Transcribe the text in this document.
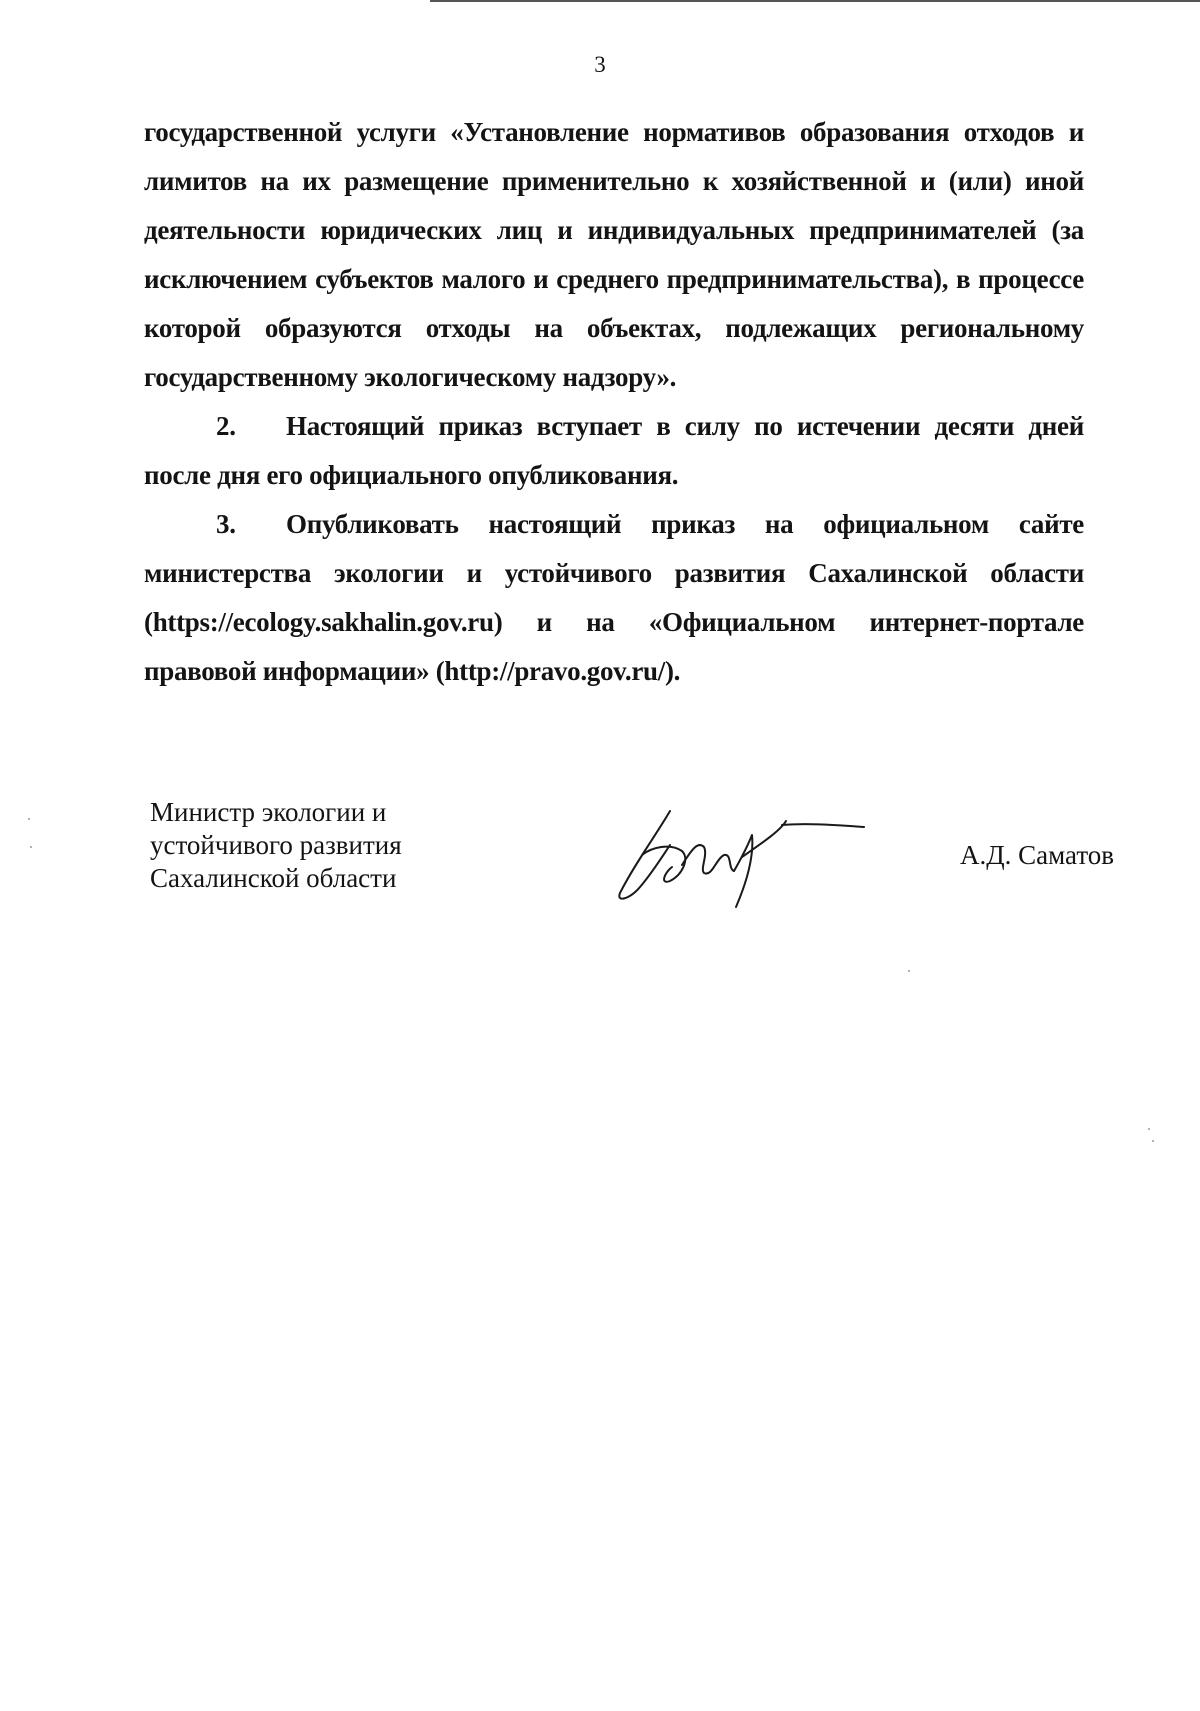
3

государственной услуги «Установление нормативов образования отходов и лимитов на их размещение применительно к хозяйственной и (или) иной деятельности юридических лиц и индивидуальных предпринимателей (за исключением субъектов малого и среднего предпринимательства), в процессе которой образуются отходы на объектах, подлежащих региональному государственному экологическому надзору».

2. Настоящий приказ вступает в силу по истечении десяти дней после дня его официального опубликования.

3. Опубликовать настоящий приказ на официальном сайте министерства экологии и устойчивого развития Сахалинской области (https://ecology.sakhalin.gov.ru) и на «Официальном интернет-портале правовой информации» (http://pravo.gov.ru/).

Министр экологии и
устойчивого развития
Сахалинской области
А.Д. Саматов
